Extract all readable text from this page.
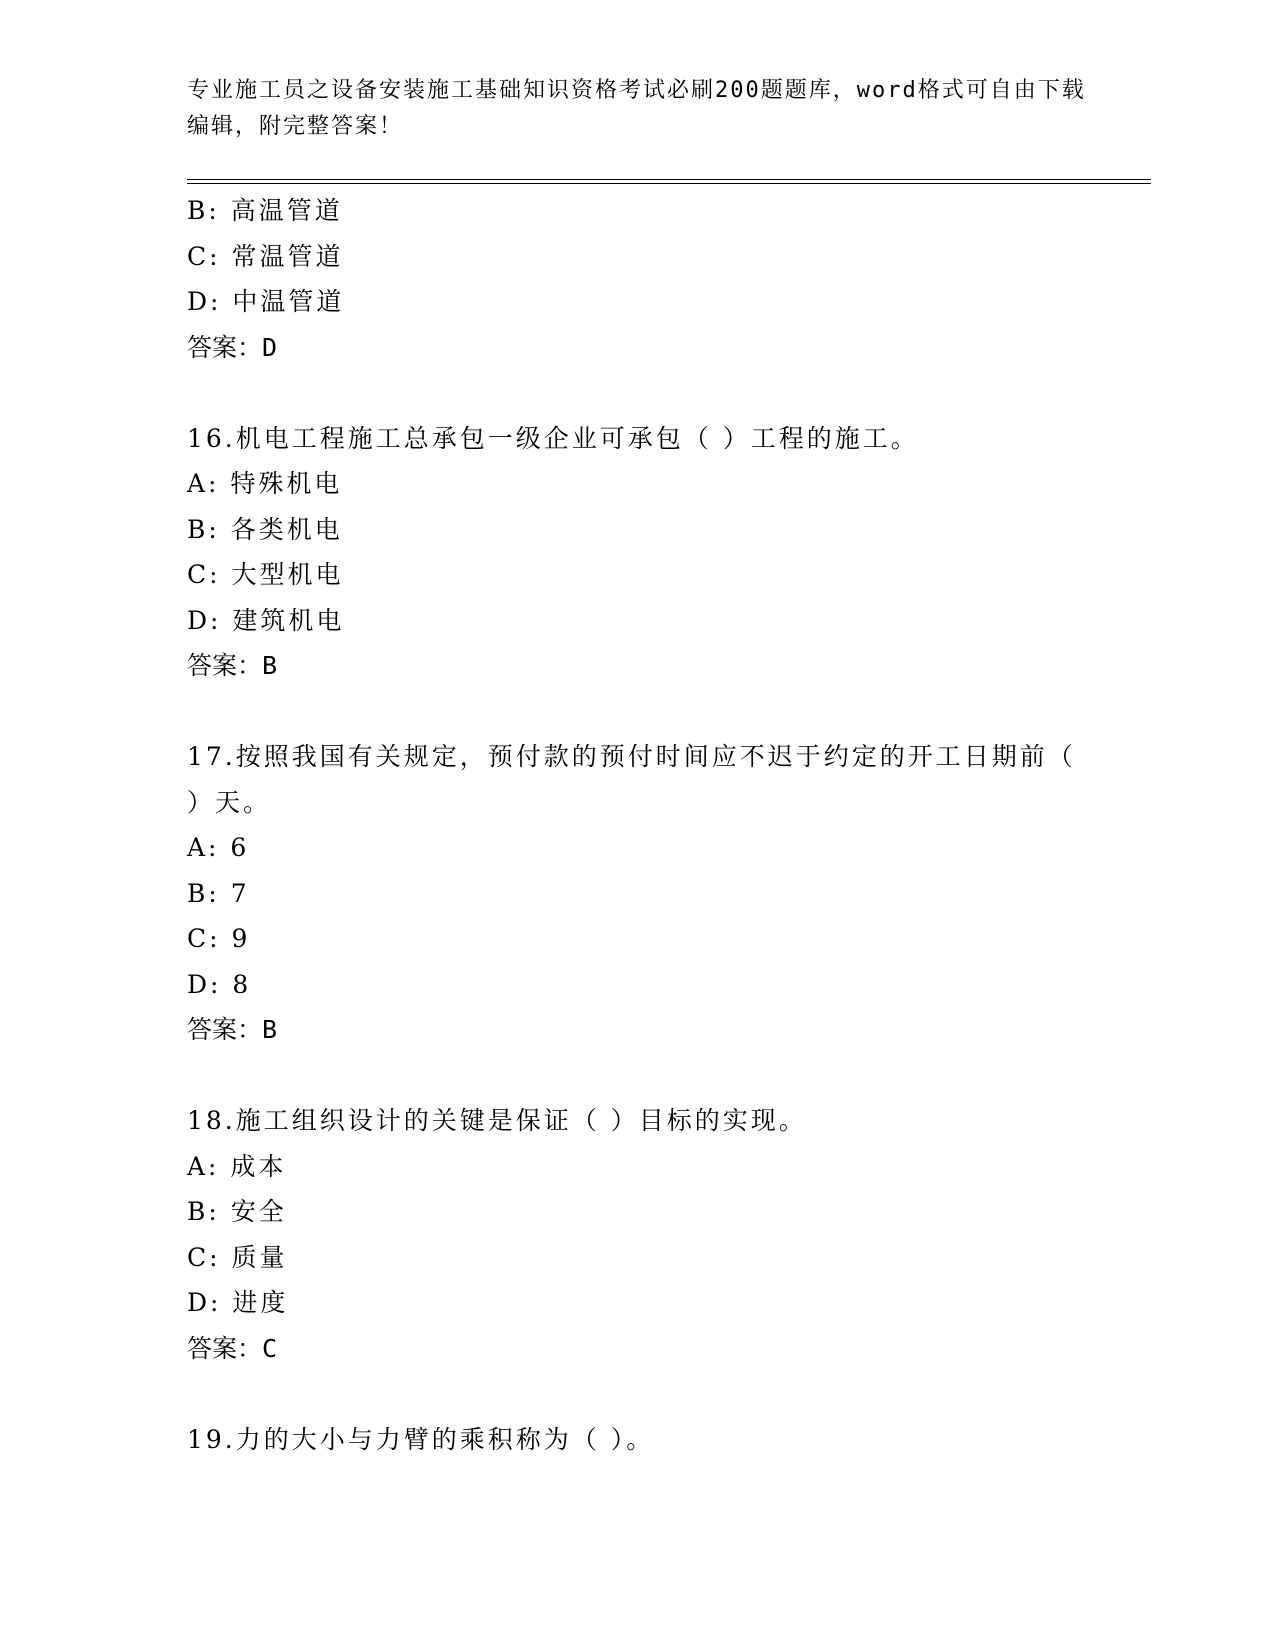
专业施工员之设备安装施工基础知识资格考试必刷200题题库，word格式可自由下载编辑，附完整答案！
B: 高温管道
C: 常温管道
D: 中温管道
答案：D
16.机电工程施工总承包一级企业可承包（ ）工程的施工。
A: 特殊机电
B: 各类机电
C: 大型机电
D: 建筑机电
答案：B
17.按照我国有关规定，预付款的预付时间应不迟于约定的开工日期前（ ）天。
A: 6
B: 7
C: 9
D: 8
答案：B
18.施工组织设计的关键是保证（ ）目标的实现。
A: 成本
B: 安全
C: 质量
D: 进度
答案：C
19.力的大小与力臂的乘积称为（ ）。
